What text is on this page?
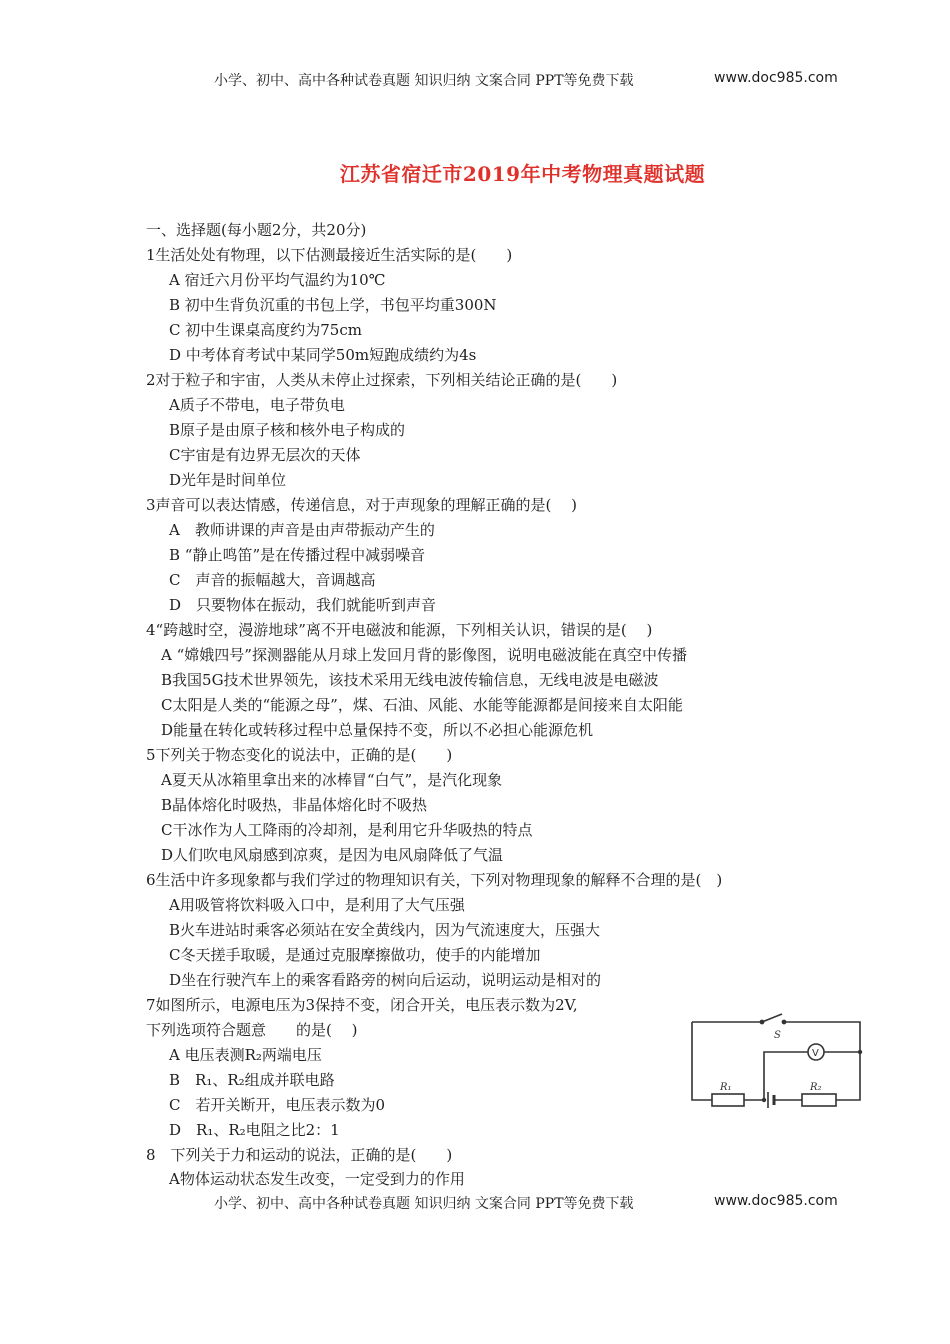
小学、初中、高中各种试卷真题 知识归纳 文案合同 PPT等免费下载	www.doc985.com
江苏省宿迁市2019年中考物理真题试题
一、选择题(每小题2分，共20分)
1生活处处有物理，以下估测最接近生活实际的是(　　)
A 宿迁六月份平均气温约为10℃
B 初中生背负沉重的书包上学，书包平均重300N
C 初中生课桌高度约为75cm
D 中考体育考试中某同学50m短跑成绩约为4s
2对于粒子和宇宙，人类从未停止过探索，下列相关结论正确的是(　　)
A质子不带电，电子带负电
B原子是由原子核和核外电子构成的
C宇宙是有边界无层次的天体
D光年是时间单位
3声音可以表达情感，传递信息，对于声现象的理解正确的是(　 )
A　教师讲课的声音是由声带振动产生的
B “静止鸣笛”是在传播过程中减弱噪音
C　声音的振幅越大，音调越高
D　只要物体在振动，我们就能听到声音
4“跨越时空，漫游地球”离不开电磁波和能源，下列相关认识，错误的是(　 )
A “嫦娥四号”探测器能从月球上发回月背的影像图，说明电磁波能在真空中传播
B我国5G技术世界领先，该技术采用无线电波传输信息，无线电波是电磁波
C太阳是人类的“能源之母”，煤、石油、风能、水能等能源都是间接来自太阳能
D能量在转化或转移过程中总量保持不变，所以不必担心能源危机
5下列关于物态变化的说法中，正确的是(　　)
A夏天从冰箱里拿出来的冰棒冒“白气”，是汽化现象
B晶体熔化时吸热，非晶体熔化时不吸热
C干冰作为人工降雨的冷却剂，是利用它升华吸热的特点
D人们吹电风扇感到凉爽，是因为电风扇降低了气温
6生活中许多现象都与我们学过的物理知识有关，下列对物理现象的解释不合理的是(　)
A用吸管将饮料吸入口中，是利用了大气压强
B火车进站时乘客必须站在安全黄线内，因为气流速度大，压强大
C冬天搓手取暖，是通过克服摩擦做功，使手的内能增加
D坐在行驶汽车上的乘客看路旁的树向后运动，说明运动是相对的
7如图所示，电源电压为3保持不变，闭合开关，电压表示数为2V,
下列选项符合题意　　的是(　 )
A 电压表测R₂两端电压
B　R₁、R₂组成并联电路
C　若开关断开，电压表示数为0
D　R₁、R₂电阻之比2：1
S
V
R₁	R₂
8　下列关于力和运动的说法，正确的是(　　)
A物体运动状态发生改变，一定受到力的作用
小学、初中、高中各种试卷真题 知识归纳 文案合同 PPT等免费下载	www.doc985.com
